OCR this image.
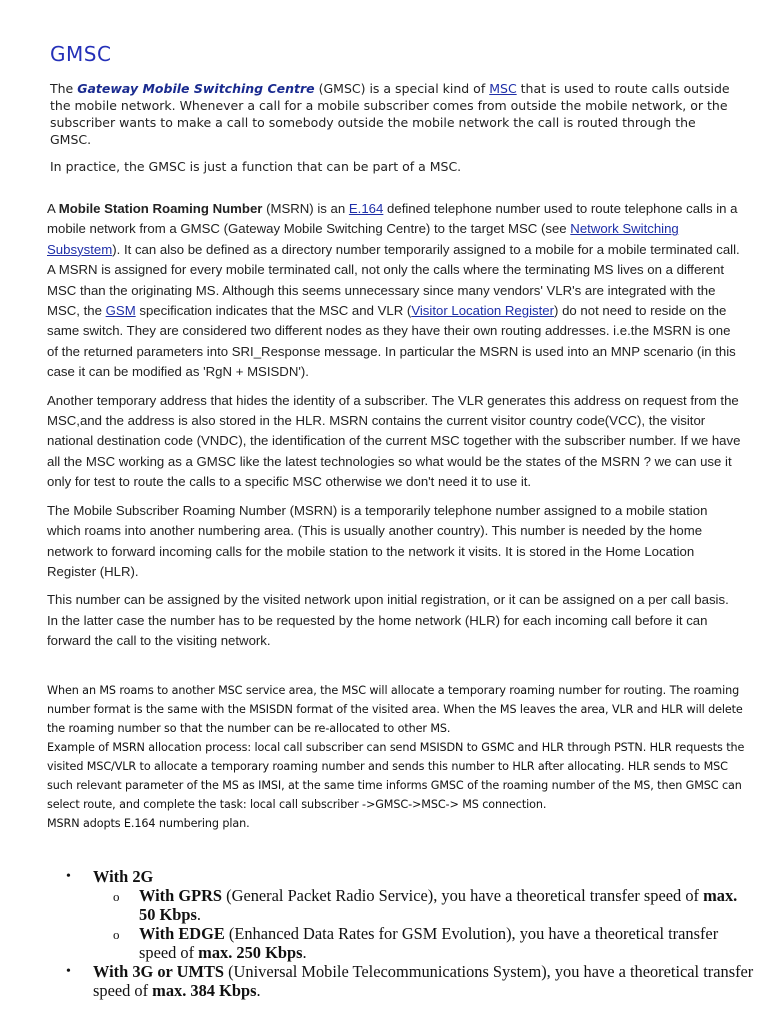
GMSC

The Gateway Mobile Switching Centre (GMSC) is a special kind of MSC that is used to route calls outside the mobile network. Whenever a call for a mobile subscriber comes from outside the mobile network, or the subscriber wants to make a call to somebody outside the mobile network the call is routed through the GMSC.

In practice, the GMSC is just a function that can be part of a MSC.

A Mobile Station Roaming Number (MSRN) is an E.164 defined telephone number used to route telephone calls in a mobile network from a GMSC (Gateway Mobile Switching Centre) to the target MSC (see Network Switching Subsystem). It can also be defined as a directory number temporarily assigned to a mobile for a mobile terminated call. A MSRN is assigned for every mobile terminated call, not only the calls where the terminating MS lives on a different MSC than the originating MS. Although this seems unnecessary since many vendors' VLR's are integrated with the MSC, the GSM specification indicates that the MSC and VLR (Visitor Location Register) do not need to reside on the same switch. They are considered two different nodes as they have their own routing addresses. i.e.the MSRN is one of the returned parameters into SRI_Response message. In particular the MSRN is used into an MNP scenario (in this case it can be modified as 'RgN + MSISDN').

Another temporary address that hides the identity of a subscriber. The VLR generates this address on request from the MSC,and the address is also stored in the HLR. MSRN contains the current visitor country code(VCC), the visitor national destination code (VNDC), the identification of the current MSC together with the subscriber number. If we have all the MSC working as a GMSC like the latest technologies so what would be the states of the MSRN ? we can use it only for test to route the calls to a specific MSC otherwise we don't need it to use it.

The Mobile Subscriber Roaming Number (MSRN) is a temporarily telephone number assigned to a mobile station which roams into another numbering area. (This is usually another country). This number is needed by the home network to forward incoming calls for the mobile station to the network it visits. It is stored in the Home Location Register (HLR).

This number can be assigned by the visited network upon initial registration, or it can be assigned on a per call basis. In the latter case the number has to be requested by the home network (HLR) for each incoming call before it can forward the call to the visiting network.

When an MS roams to another MSC service area, the MSC will allocate a temporary roaming number for routing. The roaming number format is the same with the MSISDN format of the visited area. When the MS leaves the area, VLR and HLR will delete the roaming number so that the number can be re-allocated to other MS.

Example of MSRN allocation process: local call subscriber can send MSISDN to GSMC and HLR through PSTN. HLR requests the visited MSC/VLR to allocate a temporary roaming number and sends this number to HLR after allocating. HLR sends to MSC such relevant parameter of the MS as IMSI, at the same time informs GMSC of the roaming number of the MS, then GMSC can select route, and complete the task: local call subscriber ->GMSC->MSC-> MS connection.

MSRN adopts E.164 numbering plan.

• With 2G
o With GPRS (General Packet Radio Service), you have a theoretical transfer speed of max. 50 Kbps.
o With EDGE (Enhanced Data Rates for GSM Evolution), you have a theoretical transfer speed of max. 250 Kbps.
• With 3G or UMTS (Universal Mobile Telecommunications System), you have a theoretical transfer speed of max. 384 Kbps.
